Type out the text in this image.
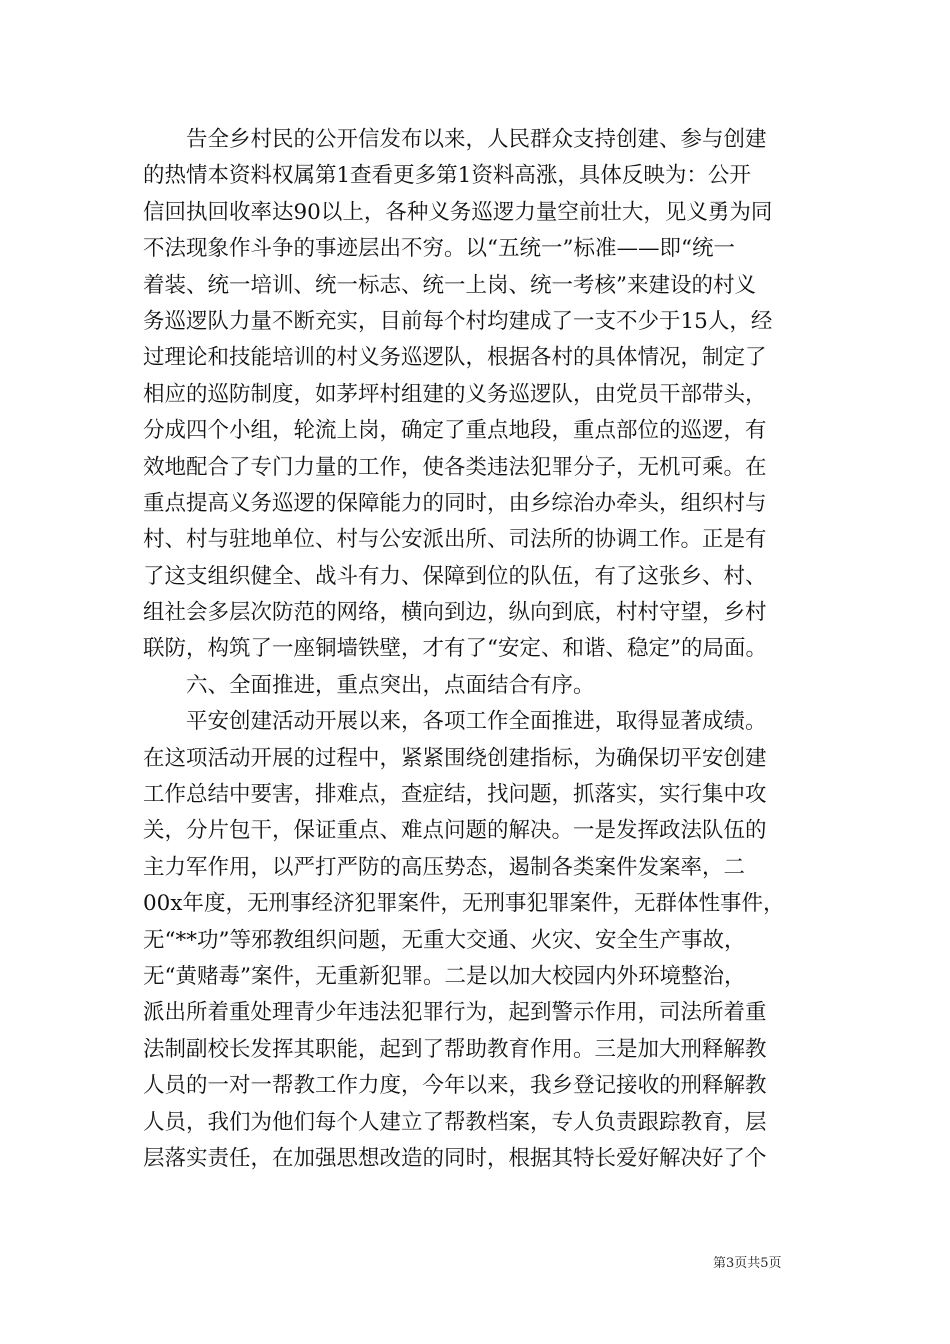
　　告全乡村民的公开信发布以来，人民群众支持创建、参与创建
的热情本资料权属第1查看更多第1资料高涨，具体反映为：公开
信回执回收率达90以上，各种义务巡逻力量空前壮大，见义勇为同
不法现象作斗争的事迹层出不穷。以“五统一”标准——即“统一
着装、统一培训、统一标志、统一上岗、统一考核”来建设的村义
务巡逻队力量不断充实，目前每个村均建成了一支不少于15人，经
过理论和技能培训的村义务巡逻队，根据各村的具体情况，制定了
相应的巡防制度，如茅坪村组建的义务巡逻队，由党员干部带头，
分成四个小组，轮流上岗，确定了重点地段，重点部位的巡逻，有
效地配合了专门力量的工作，使各类违法犯罪分子，无机可乘。在
重点提高义务巡逻的保障能力的同时，由乡综治办牵头，组织村与
村、村与驻地单位、村与公安派出所、司法所的协调工作。正是有
了这支组织健全、战斗有力、保障到位的队伍，有了这张乡、村、
组社会多层次防范的网络，横向到边，纵向到底，村村守望，乡村
联防，构筑了一座铜墙铁壁，才有了“安定、和谐、稳定”的局面。
　　六、全面推进，重点突出，点面结合有序。
　　平安创建活动开展以来，各项工作全面推进，取得显著成绩。
在这项活动开展的过程中，紧紧围绕创建指标，为确保切平安创建
工作总结中要害，排难点，查症结，找问题，抓落实，实行集中攻
关，分片包干，保证重点、难点问题的解决。一是发挥政法队伍的
主力军作用，以严打严防的高压势态，遏制各类案件发案率，二
00x年度，无刑事经济犯罪案件，无刑事犯罪案件，无群体性事件，
无“**功”等邪教组织问题，无重大交通、火灾、安全生产事故，
无“黄赌毒”案件，无重新犯罪。二是以加大校园内外环境整治，
派出所着重处理青少年违法犯罪行为，起到警示作用，司法所着重
法制副校长发挥其职能，起到了帮助教育作用。三是加大刑释解教
人员的一对一帮教工作力度，今年以来，我乡登记接收的刑释解教
人员，我们为他们每个人建立了帮教档案，专人负责跟踪教育，层
层落实责任，在加强思想改造的同时，根据其特长爱好解决好了个
第3页共5页
